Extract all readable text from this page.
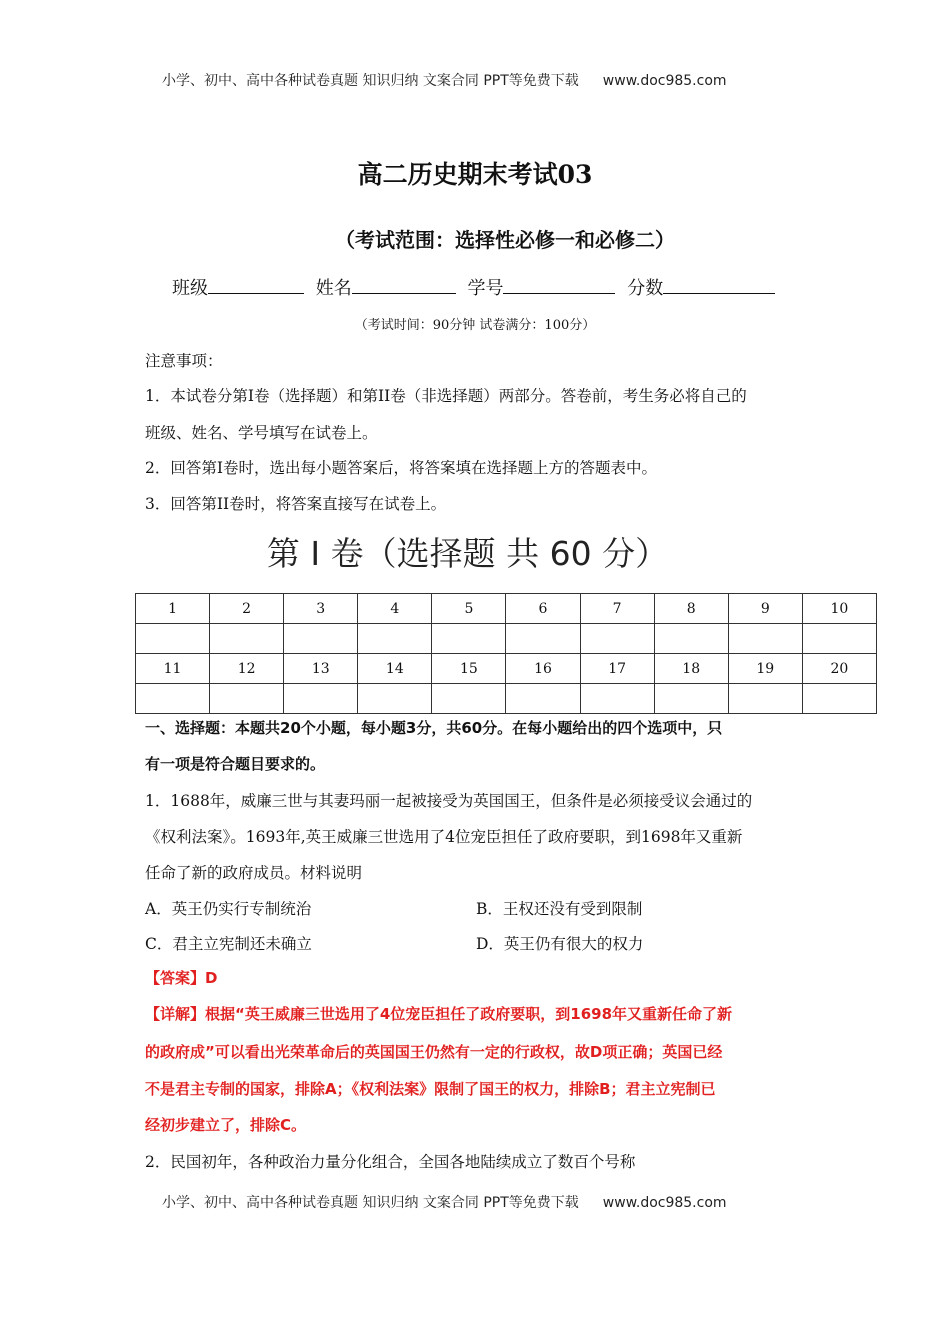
小学、初中、高中各种试卷真题 知识归纳 文案合同 PPT等免费下载 www.doc985.com
高二历史期末考试03
（考试范围：选择性必修一和必修二）
班级	姓名	学号	分数
（考试时间：90分钟 试卷满分：100分）
注意事项：
1．本试卷分第I卷（选择题）和第II卷（非选择题）两部分。答卷前，考生务必将自己的
班级、姓名、学号填写在试卷上。
2．回答第I卷时，选出每小题答案后，将答案填在选择题上方的答题表中。
3．回答第II卷时，将答案直接写在试卷上。
第 I 卷（选择题 共 60 分）
1	2	3	4	5	6	7	8	9	10

11	12	13	14	15	16	17	18	19	20

一、选择题：本题共20个小题，每小题3分，共60分。在每小题给出的四个选项中，只
有一项是符合题目要求的。
1．1688年，威廉三世与其妻玛丽一起被接受为英国国王，但条件是必须接受议会通过的
《权利法案》。1693年,英王威廉三世选用了4位宠臣担任了政府要职，到1698年又重新
任命了新的政府成员。材料说明
A．英王仍实行专制统治	B．王权还没有受到限制
C．君主立宪制还未确立	D．英王仍有很大的权力
【答案】D
【详解】根据“英王威廉三世选用了4位宠臣担任了政府要职，到1698年又重新任命了新
的政府成”可以看出光荣革命后的英国国王仍然有一定的行政权，故D项正确；英国已经
不是君主专制的国家，排除A；《权利法案》限制了国王的权力，排除B；君主立宪制已
经初步建立了，排除C。
2．民国初年，各种政治力量分化组合，全国各地陆续成立了数百个号称
小学、初中、高中各种试卷真题 知识归纳 文案合同 PPT等免费下载 www.doc985.com
